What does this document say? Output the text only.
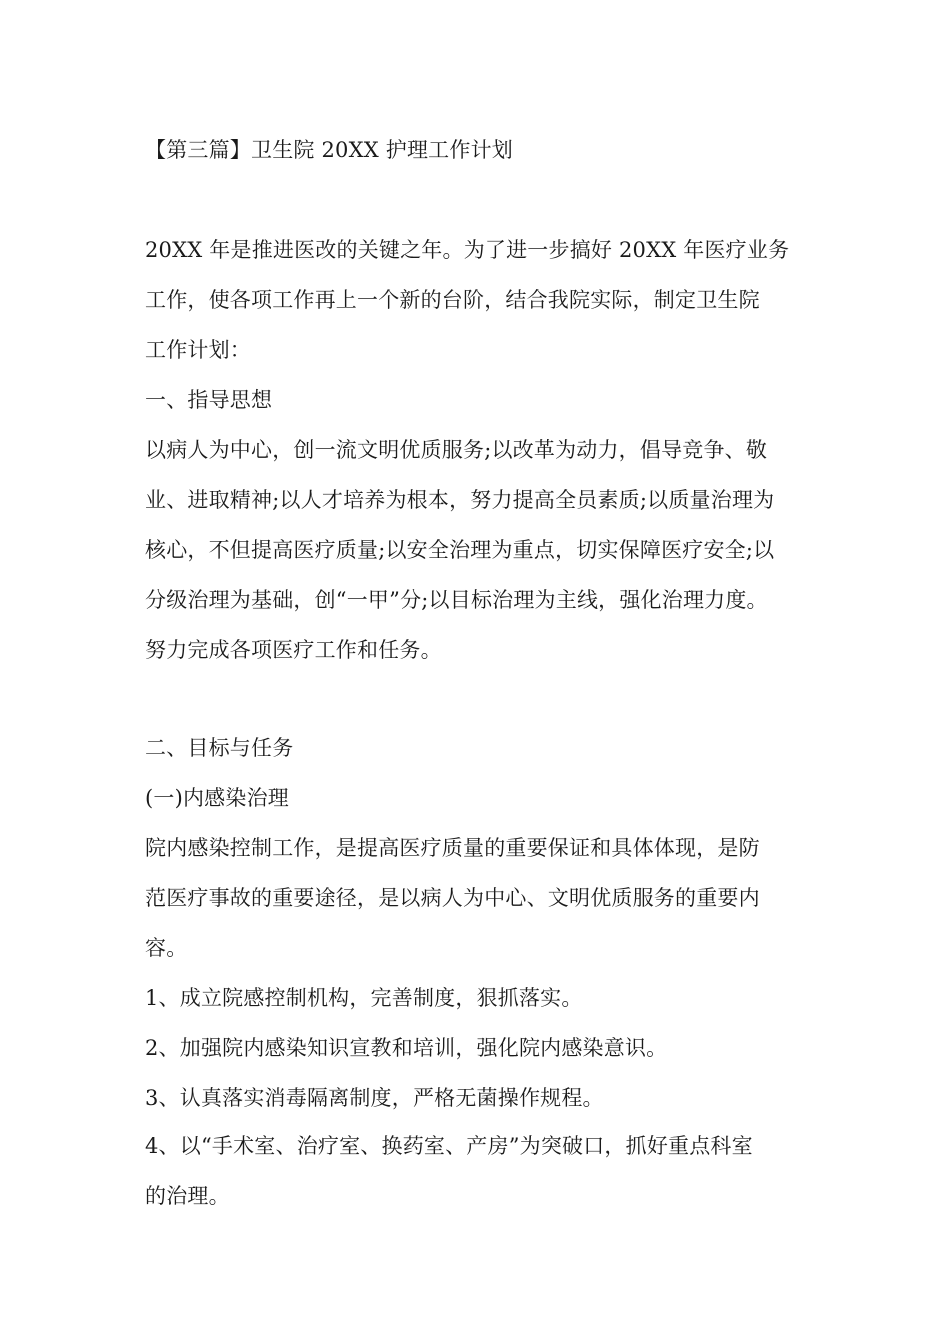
【第三篇】卫生院 20XX 护理工作计划
20XX 年是推进医改的关键之年。为了进一步搞好 20XX 年医疗业务
工作，使各项工作再上一个新的台阶，结合我院实际，制定卫生院
工作计划：
一、指导思想
以病人为中心，创一流文明优质服务;以改革为动力，倡导竞争、敬
业、进取精神;以人才培养为根本，努力提高全员素质;以质量治理为
核心，不但提高医疗质量;以安全治理为重点，切实保障医疗安全;以
分级治理为基础，创“一甲”分;以目标治理为主线，强化治理力度。
努力完成各项医疗工作和任务。
二、目标与任务
(一)内感染治理
院内感染控制工作，是提高医疗质量的重要保证和具体体现，是防
范医疗事故的重要途径，是以病人为中心、文明优质服务的重要内
容。
1、成立院感控制机构，完善制度，狠抓落实。
2、加强院内感染知识宣教和培训，强化院内感染意识。
3、认真落实消毒隔离制度，严格无菌操作规程。
4、以“手术室、治疗室、换药室、产房”为突破口，抓好重点科室
的治理。
